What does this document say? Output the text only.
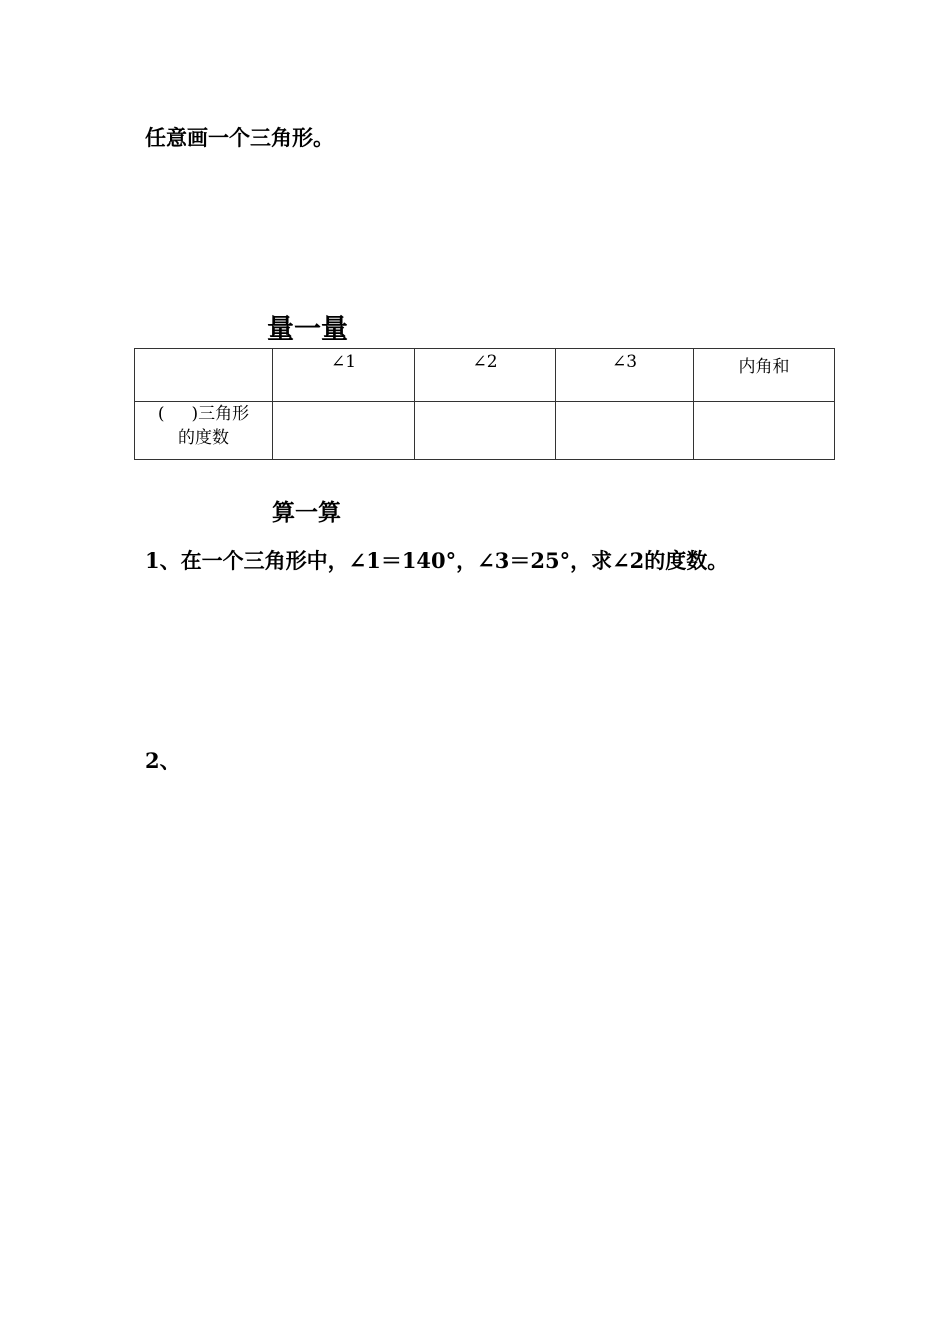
任意画一个三角形。
量一量

	∠1	∠2	∠3	内角和

(     )三角形
的度数				

算一算
1、在一个三角形中，∠1＝140°，∠3＝25°，求∠2的度数。
2、
